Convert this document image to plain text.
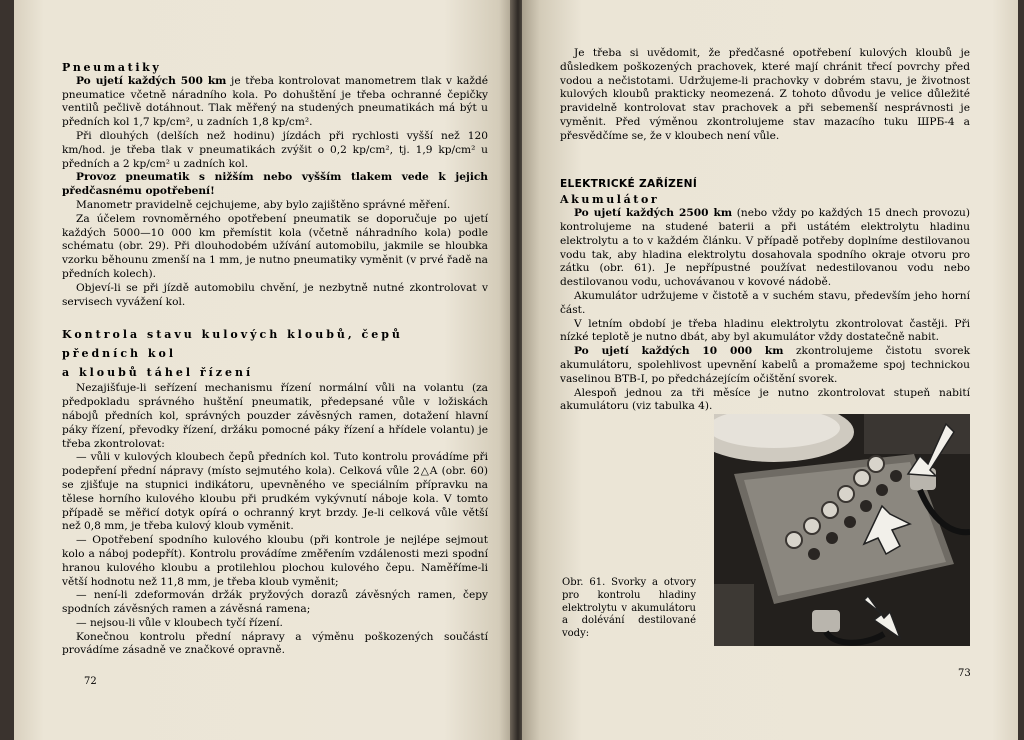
Pneumatiky

Po ujetí každých 500 km je třeba kontrolovat manometrem tlak v každé pneumatice včetně náradního kola. Po dohuštění je třeba ochranné čepičky ventilů pečlivě dotáhnout. Tlak měřený na studených pneumatikách má být u předních kol 1,7 kp/cm², u zadních 1,8 kp/cm².

Při dlouhých (delších než hodinu) jízdách při rychlosti vyšší než 120 km/hod. je třeba tlak v pneumatikách zvýšit o 0,2 kp/cm², tj. 1,9 kp/cm² u předních a 2 kp/cm² u zadních kol.

Provoz pneumatik s nižším nebo vyšším tlakem vede k jejich předčasnému opotřebení!

Manometr pravidelně cejchujeme, aby bylo zajištěno správné měření.

Za účelem rovnoměrného opotřebení pneumatik se doporučuje po ujetí každých 5000—10 000 km přemístit kola (včetně náhradního kola) podle schématu (obr. 29). Při dlouhodobém užívání automobilu, jakmile se hloubka vzorku běhounu zmenší na 1 mm, je nutno pneumatiky vyměnit (v prvé řadě na předních kolech).

Objeví-li se při jízdě automobilu chvění, je nezbytně nutné zkontrolovat v servisech vyvážení kol.

Kontrola stavu kulových kloubů, čepů předních kol
a kloubů táhel řízení

Nezajišťuje-li seřízení mechanismu řízení normální vůli na volantu (za předpokladu správného huštění pneumatik, předepsané vůle v ložiskách nábojů předních kol, správných pouzder závěsných ramen, dotažení hlavní páky řízení, převodky řízení, držáku pomocné páky řízení a hřídele volantu) je třeba zkontrolovat:

— vůli v kulových kloubech čepů předních kol. Tuto kontrolu provádíme při podepření přední nápravy (místo sejmutého kola). Celková vůle 2△A (obr. 60) se zjišťuje na stupnici indikátoru, upevněného ve speciálním přípravku na tělese horního kulového kloubu při prudkém vykývnutí náboje kola. V tomto případě se měřicí dotyk opírá o ochranný kryt brzdy. Je-li celková vůle větší než 0,8 mm, je třeba kulový kloub vyměnit.

— Opotřebení spodního kulového kloubu (při kontrole je nejlépe sejmout kolo a náboj podepřít). Kontrolu provádíme změřením vzdálenosti mezi spodní hranou kulového kloubu a protilehlou plochou kulového čepu. Naměříme-li větší hodnotu než 11,8 mm, je třeba kloub vyměnit;

— není-li zdeformován držák pryžových dorazů závěsných ramen, čepy spodních závěsných ramen a závěsná ramena;

— nejsou-li vůle v kloubech tyčí řízení.

Konečnou kontrolu přední nápravy a výměnu poškozených součástí provádíme zásadně ve značkové opravně.

72

Je třeba si uvědomit, že předčasné opotřebení kulových kloubů je důsledkem poškozených prachovek, které mají chránit třecí povrchy před vodou a nečistotami. Udržujeme-li prachovky v dobrém stavu, je životnost kulových kloubů prakticky neomezená. Z tohoto důvodu je velice důležité pravidelně kontrolovat stav prachovek a při sebemenší nesprávnosti je vyměnit. Před výměnou zkontrolujeme stav mazacího tuku ШРБ-4 a přesvědčíme se, že v kloubech není vůle.

ELEKTRICKÉ ZAŘÍZENÍ

Akumulátor

Po ujetí každých 2500 km (nebo vždy po každých 15 dnech provozu) kontrolujeme na studené baterii a při ustátém elektrolytu hladinu elektrolytu a to v každém článku. V případě potřeby doplníme destilovanou vodu tak, aby hladina elektrolytu dosahovala spodního okraje otvoru pro zátku (obr. 61). Je nepřípustné používat nedestilovanou vodu nebo destilovanou vodu, uchovávanou v kovové nádobě.

Akumulátor udržujeme v čistotě a v suchém stavu, především jeho horní část.

V letním období je třeba hladinu elektrolytu zkontrolovat častěji. Při nízké teplotě je nutno dbát, aby byl akumulátor vždy dostatečně nabit.

Po ujetí každých 10 000 km zkontrolujeme čistotu svorek akumulátoru, spolehlivost upevnění kabelů a promažeme spoj technickou vaselinou BTB-I, po předcházejícím očištění svorek.

Alespoň jednou za tři měsíce je nutno zkontrolovat stupeň nabití akumulátoru (viz tabulka 4).

Obr. 61. Svorky a otvory pro kontrolu hladiny elektrolytu v akumulátoru a dolévání destilované vody:
73
